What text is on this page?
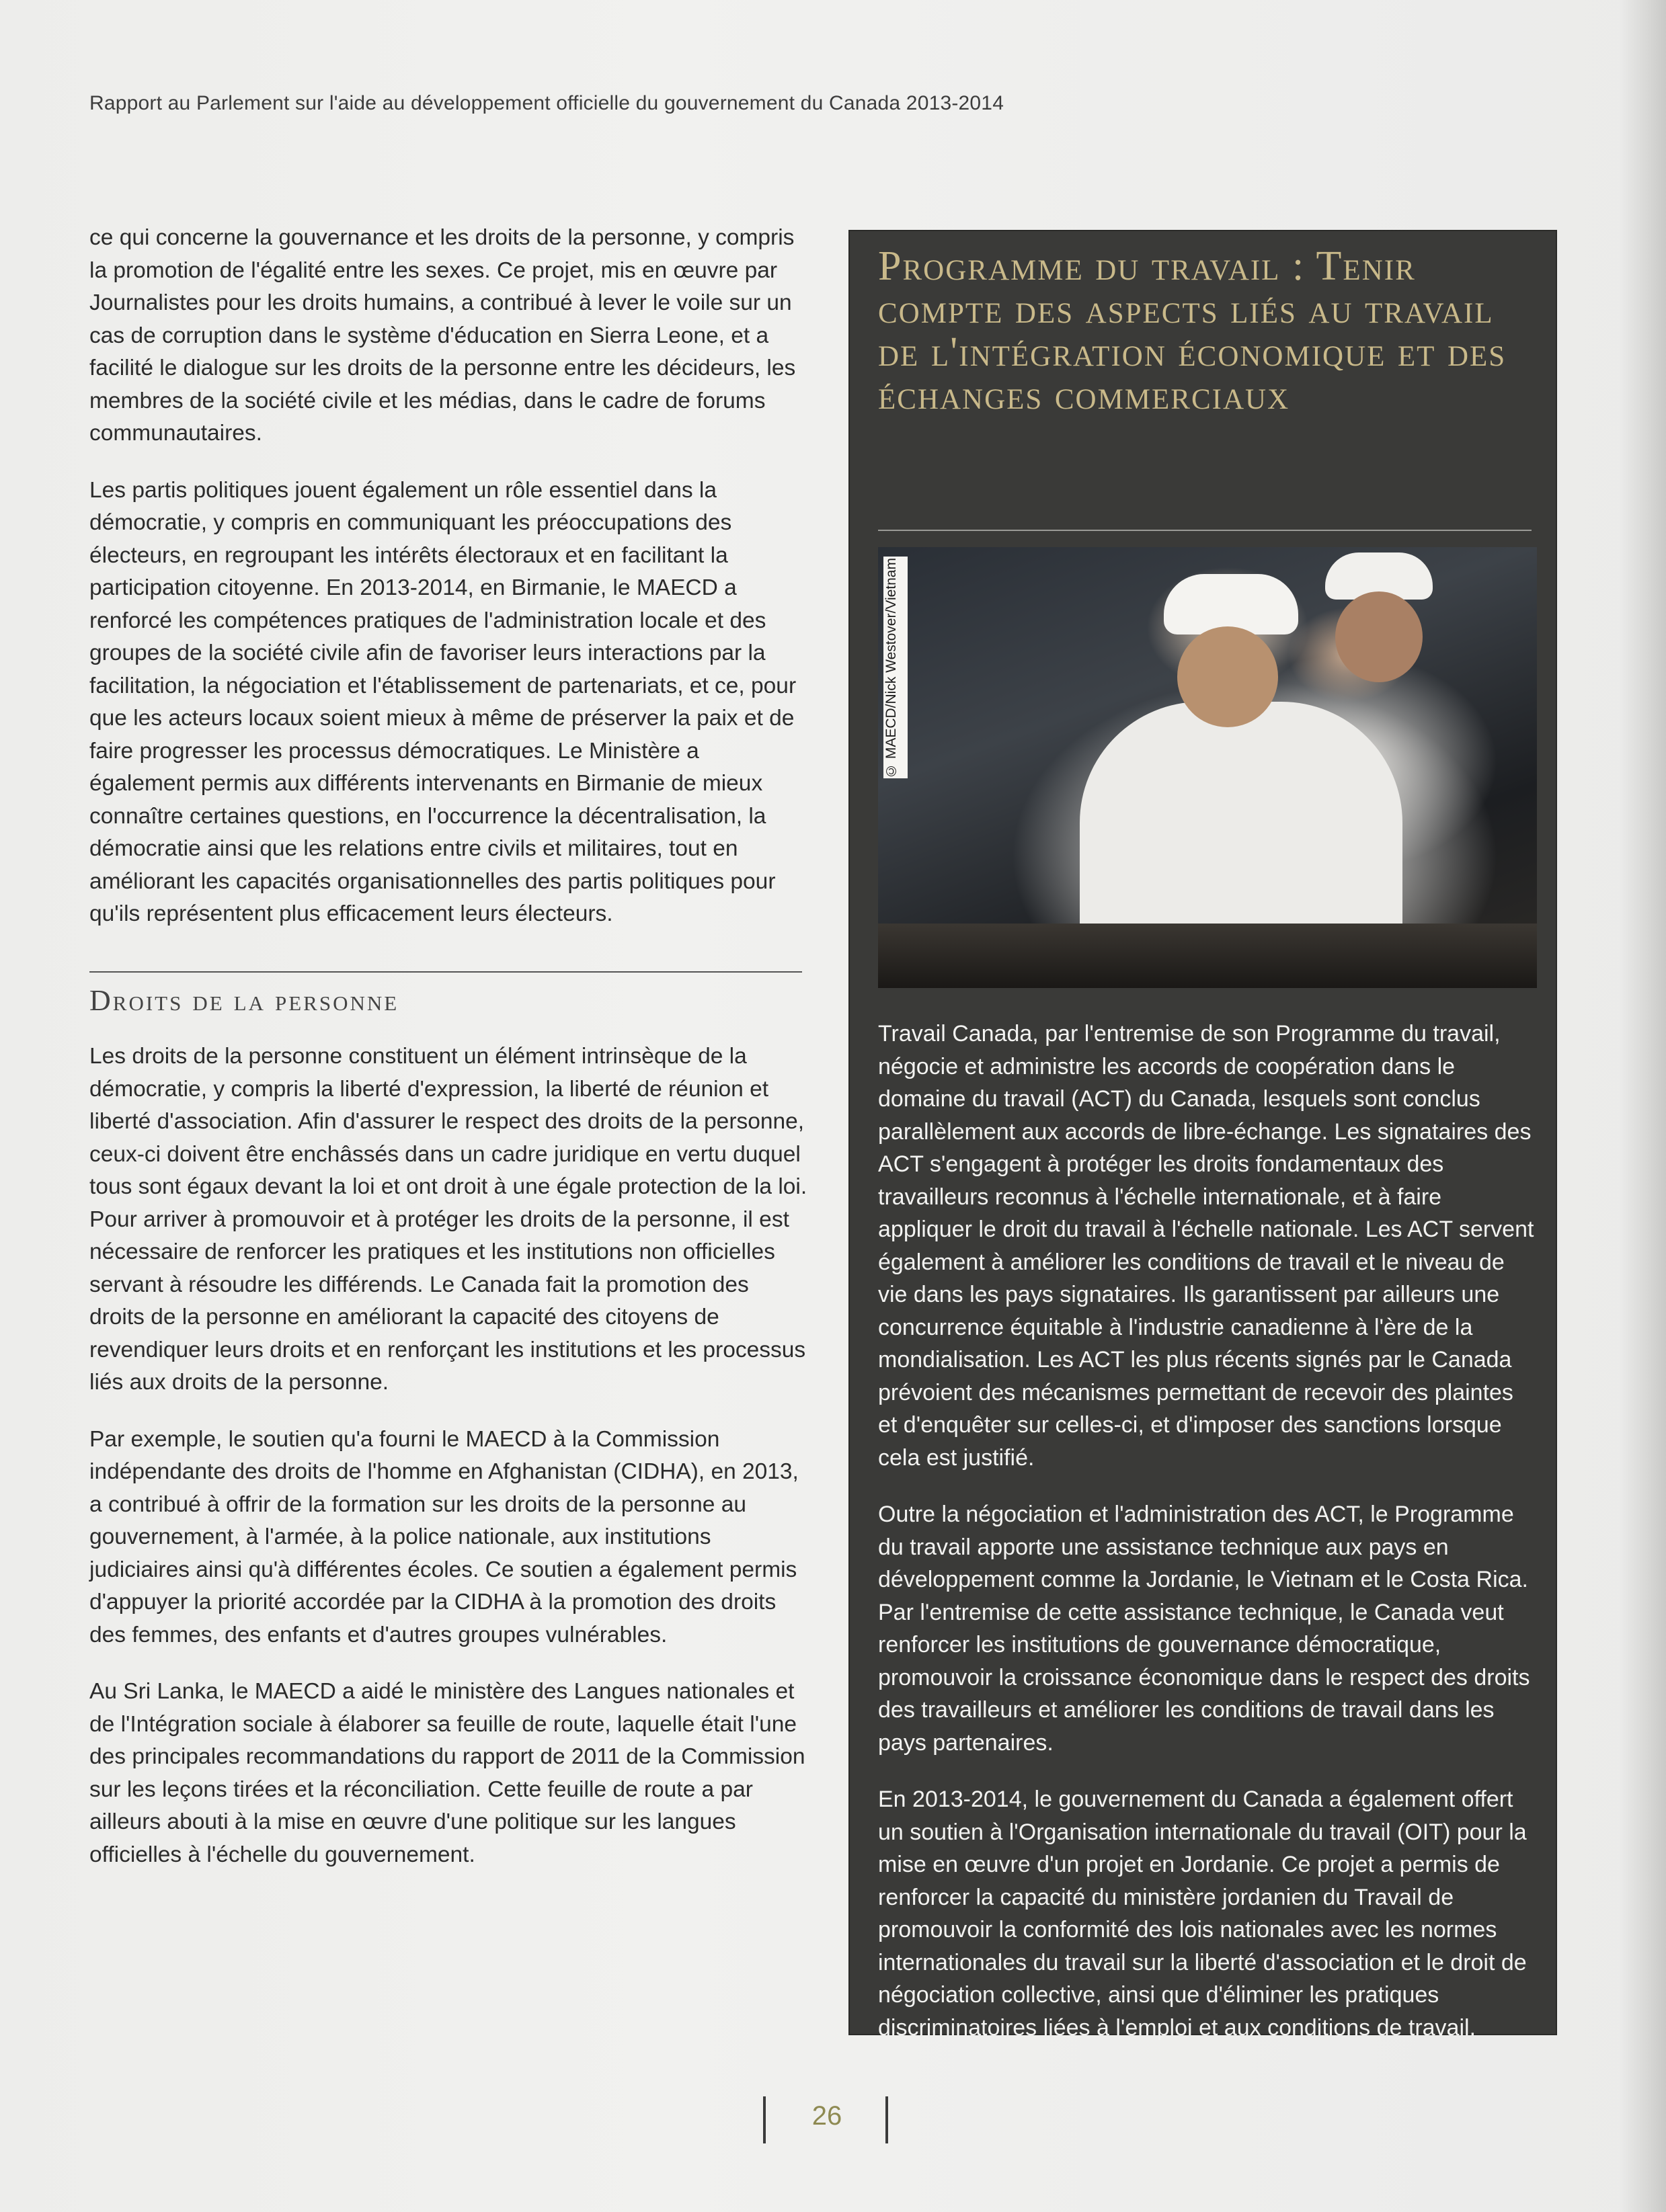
Rapport au Parlement sur l'aide au développement officielle du gouvernement du Canada 2013-2014

ce qui concerne la gouvernance et les droits de la personne, y compris la promotion de l'égalité entre les sexes. Ce projet, mis en œuvre par Journalistes pour les droits humains, a contribué à lever le voile sur un cas de corruption dans le système d'éducation en Sierra Leone, et a facilité le dialogue sur les droits de la personne entre les décideurs, les membres de la société civile et les médias, dans le cadre de forums communautaires.

Les partis politiques jouent également un rôle essentiel dans la démocratie, y compris en communiquant les préoccupations des électeurs, en regroupant les intérêts électoraux et en facilitant la participation citoyenne. En 2013-2014, en Birmanie, le MAECD a renforcé les compétences pratiques de l'administration locale et des groupes de la société civile afin de favoriser leurs interactions par la facilitation, la négociation et l'établissement de partenariats, et ce, pour que les acteurs locaux soient mieux à même de préserver la paix et de faire progresser les processus démocratiques. Le Ministère a également permis aux différents intervenants en Birmanie de mieux connaître certaines questions, en l'occurrence la décentralisation, la démocratie ainsi que les relations entre civils et militaires, tout en améliorant les capacités organisationnelles des partis politiques pour qu'ils représentent plus efficacement leurs électeurs.

Droits de la personne

Les droits de la personne constituent un élément intrinsèque de la démocratie, y compris la liberté d'expression, la liberté de réunion et liberté d'association. Afin d'assurer le respect des droits de la personne, ceux-ci doivent être enchâssés dans un cadre juridique en vertu duquel tous sont égaux devant la loi et ont droit à une égale protection de la loi. Pour arriver à promouvoir et à protéger les droits de la personne, il est nécessaire de renforcer les pratiques et les institutions non officielles servant à résoudre les différends. Le Canada fait la promotion des droits de la personne en améliorant la capacité des citoyens de revendiquer leurs droits et en renforçant les institutions et les processus liés aux droits de la personne.

Par exemple, le soutien qu'a fourni le MAECD à la Commission indépendante des droits de l'homme en Afghanistan (CIDHA), en 2013, a contribué à offrir de la formation sur les droits de la personne au gouvernement, à l'armée, à la police nationale, aux institutions judiciaires ainsi qu'à différentes écoles. Ce soutien a également permis d'appuyer la priorité accordée par la CIDHA à la promotion des droits des femmes, des enfants et d'autres groupes vulnérables.

Au Sri Lanka, le MAECD a aidé le ministère des Langues nationales et de l'Intégration sociale à élaborer sa feuille de route, laquelle était l'une des principales recommandations du rapport de 2011 de la Commission sur les leçons tirées et la réconciliation. Cette feuille de route a par ailleurs abouti à la mise en œuvre d'une politique sur les langues officielles à l'échelle du gouvernement.

Programme du travail : Tenir compte des aspects liés au travail de l'intégration économique et des échanges commerciaux
© MAECD/Nick Westover/Vietnam

Travail Canada, par l'entremise de son Programme du travail, négocie et administre les accords de coopération dans le domaine du travail (ACT) du Canada, lesquels sont conclus parallèlement aux accords de libre-échange. Les signataires des ACT s'engagent à protéger les droits fondamentaux des travailleurs reconnus à l'échelle internationale, et à faire appliquer le droit du travail à l'échelle nationale. Les ACT servent également à améliorer les conditions de travail et le niveau de vie dans les pays signataires. Ils garantissent par ailleurs une concurrence équitable à l'industrie canadienne à l'ère de la mondialisation. Les ACT les plus récents signés par le Canada prévoient des mécanismes permettant de recevoir des plaintes et d'enquêter sur celles-ci, et d'imposer des sanctions lorsque cela est justifié.

Outre la négociation et l'administration des ACT, le Programme du travail apporte une assistance technique aux pays en développement comme la Jordanie, le Vietnam et le Costa Rica. Par l'entremise de cette assistance technique, le Canada veut renforcer les institutions de gouvernance démocratique, promouvoir la croissance économique dans le respect des droits des travailleurs et améliorer les conditions de travail dans les pays partenaires.

En 2013-2014, le gouvernement du Canada a également offert un soutien à l'Organisation internationale du travail (OIT) pour la mise en œuvre d'un projet en Jordanie. Ce projet a permis de renforcer la capacité du ministère jordanien du Travail de promouvoir la conformité des lois nationales avec les normes internationales du travail sur la liberté d'association et le droit de négociation collective, ainsi que d'éliminer les pratiques discriminatoires liées à l'emploi et aux conditions de travail.

26
